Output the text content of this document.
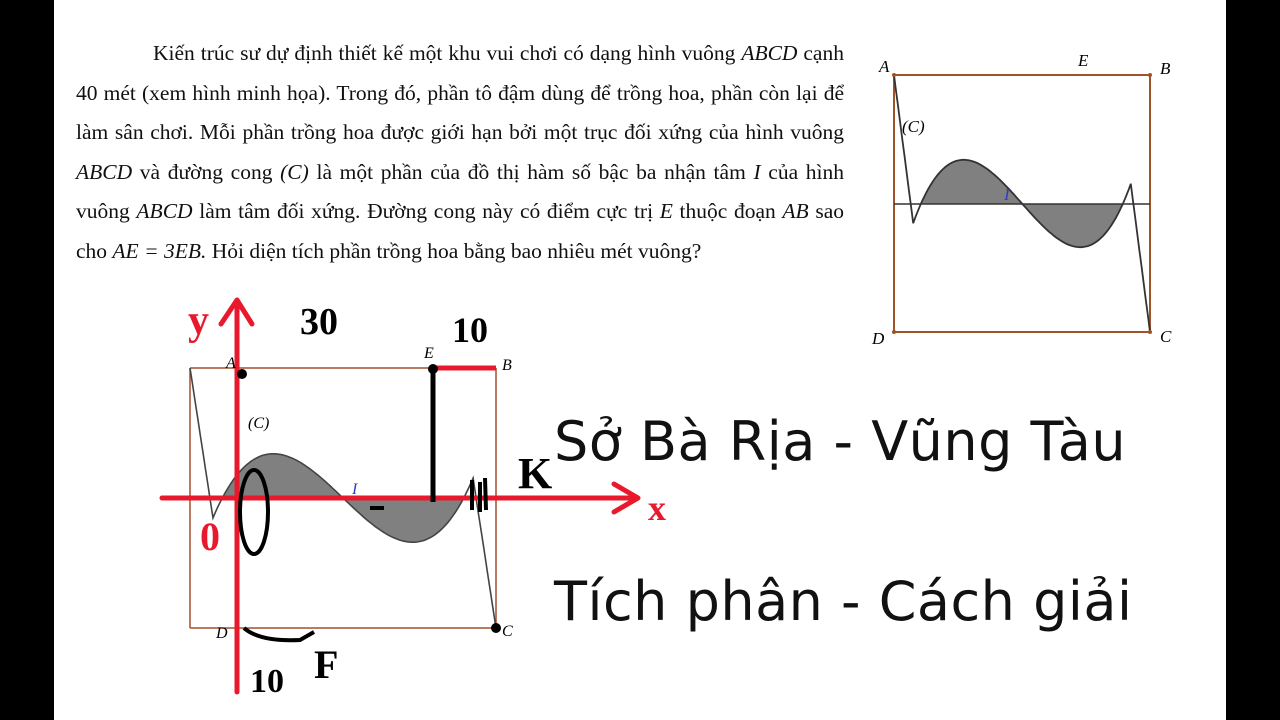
Kiến trúc sư dự định thiết kế một khu vui chơi có dạng hình vuông ABCD cạnh 40 mét (xem hình minh họa). Trong đó, phần tô đậm dùng để trồng hoa, phần còn lại để làm sân chơi. Mỗi phần trồng hoa được giới hạn bởi một trục đối xứng của hình vuông ABCD và đường cong (C) là một phần của đồ thị hàm số bậc ba nhận tâm I của hình vuông ABCD làm tâm đối xứng. Đường cong này có điểm cực trị E thuộc đoạn AB sao cho AE = 3EB. Hỏi diện tích phần trồng hoa bằng bao nhiêu mét vuông?

A	B
C
D
E
I
(C)
A	B
C
D
E
I
(C)
y
x
0
30	10
10 F
K
Sở Bà Rịa - Vũng Tàu
Tích phân - Cách giải
